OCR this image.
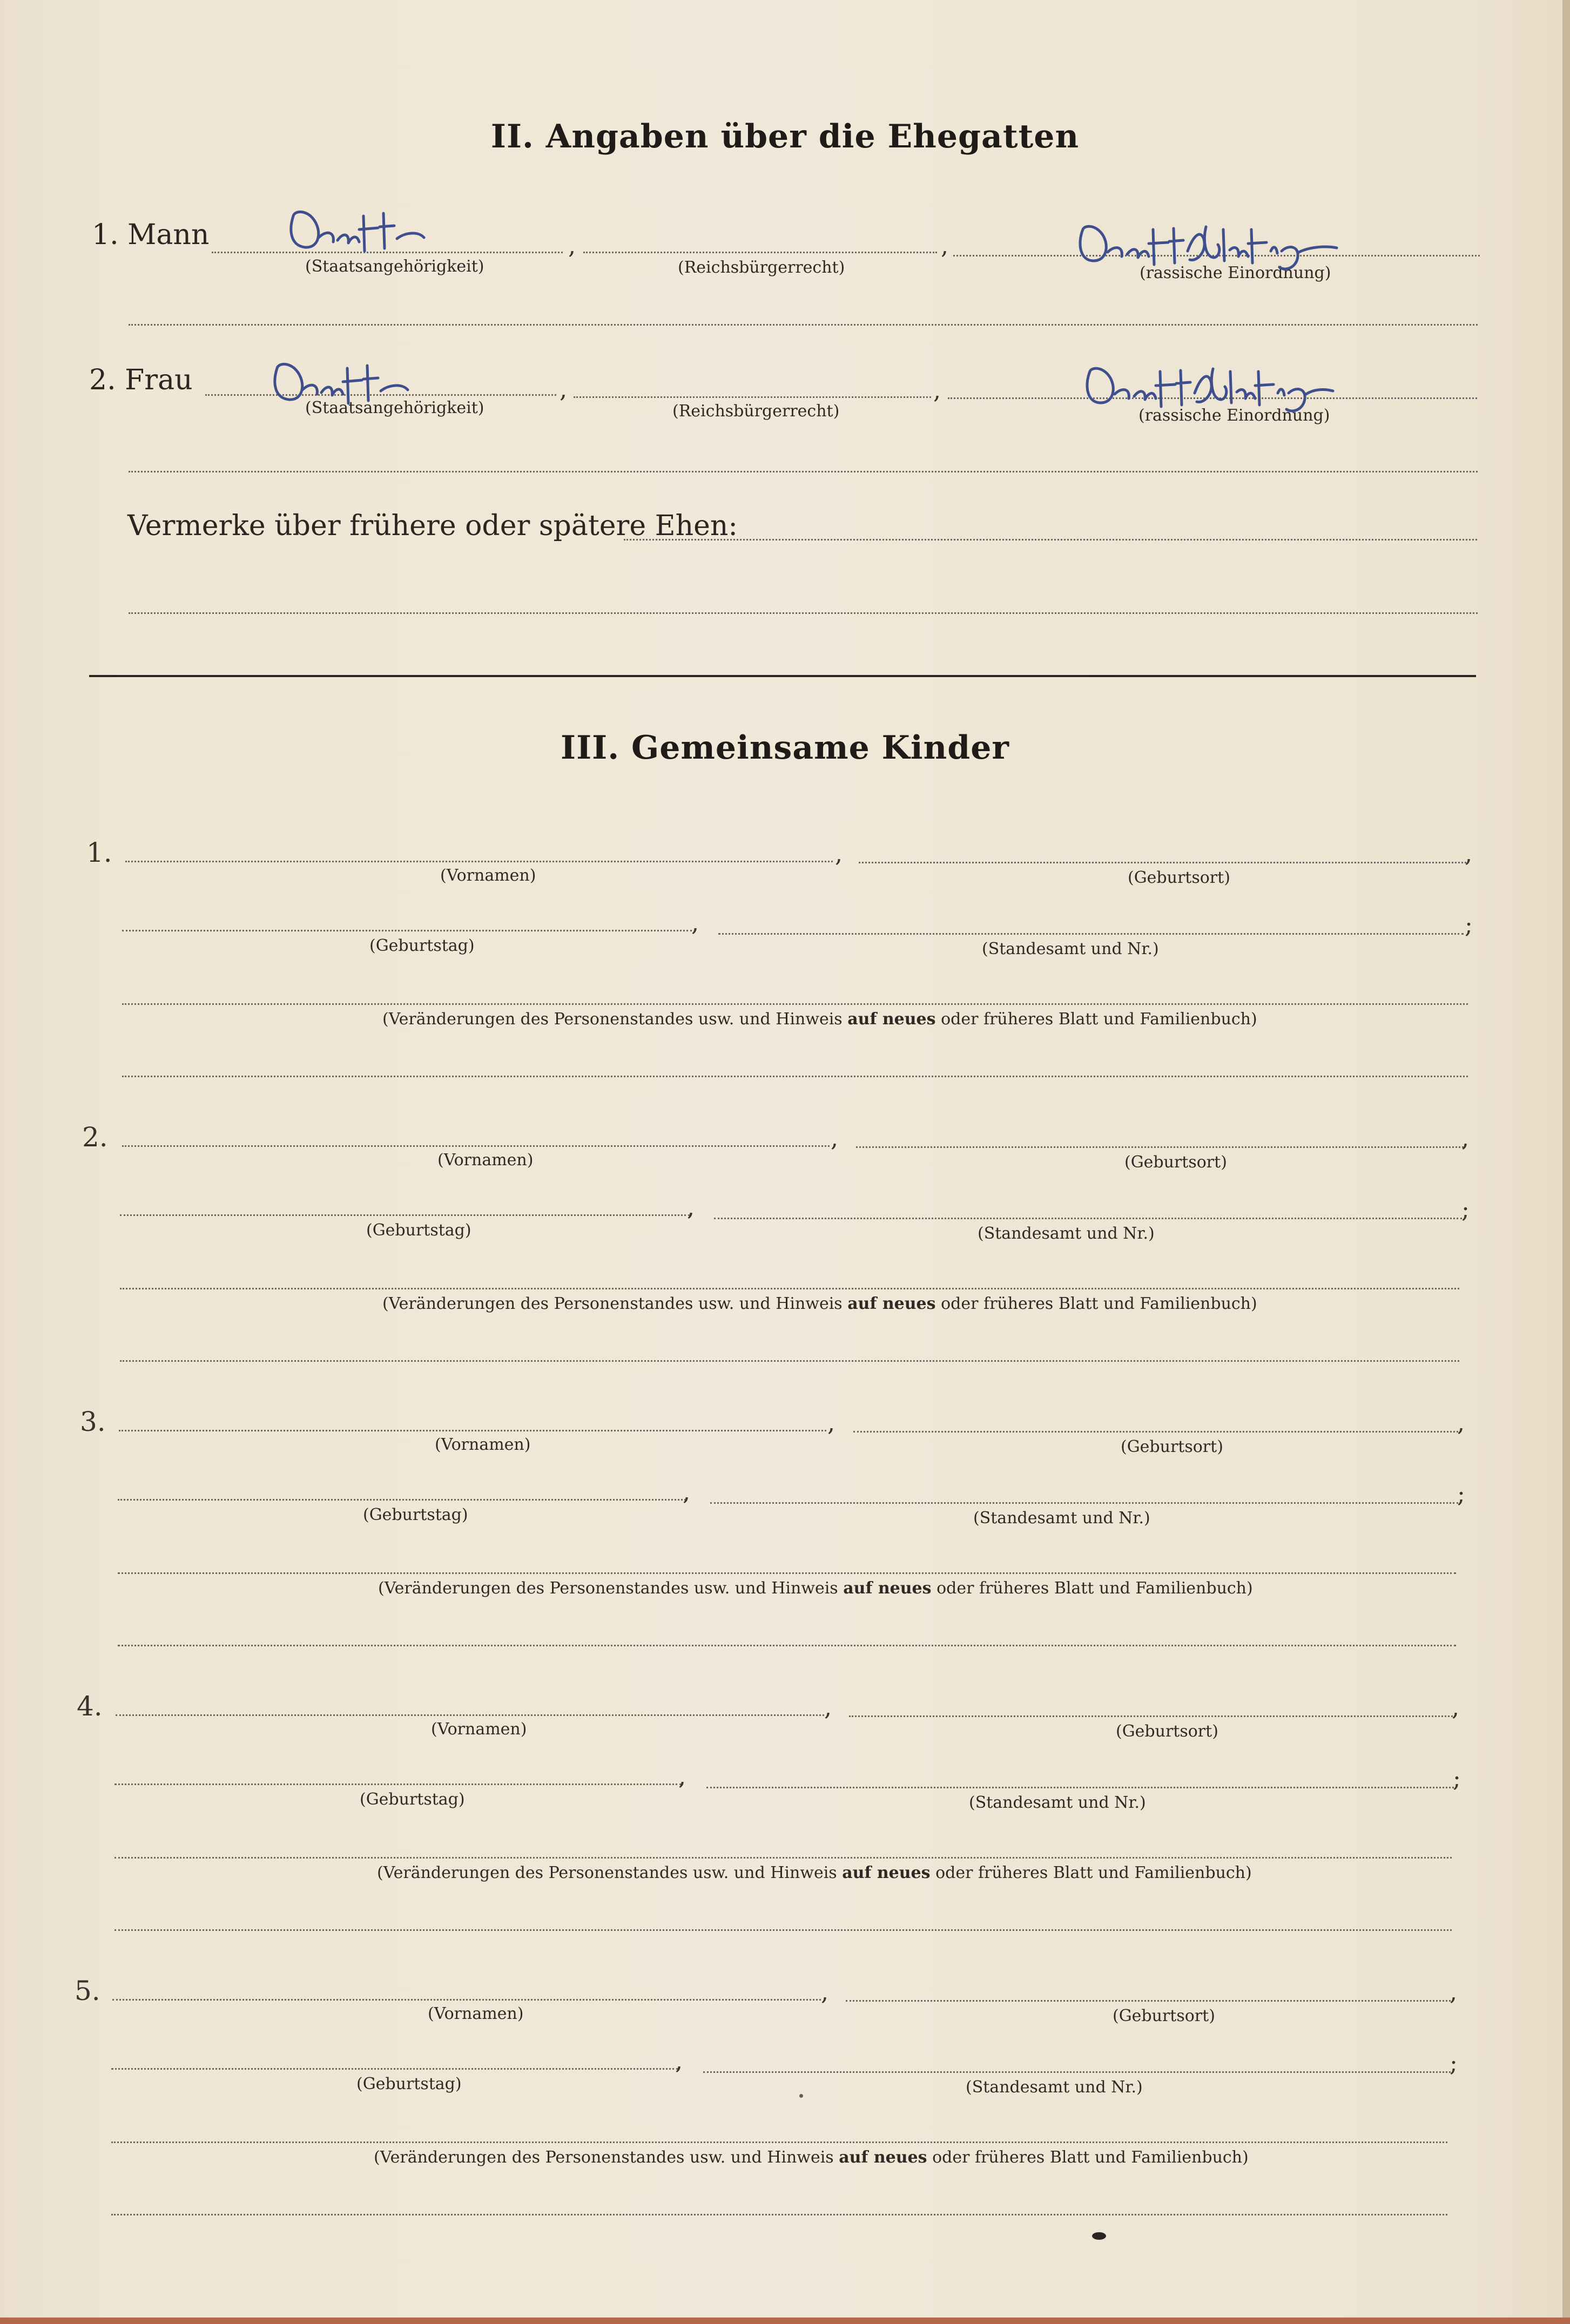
II. Angaben über die Ehegatten
1. Mann	,	,
(Staatsangehörigkeit)	(Reichsbürgerrecht)	(rassische Einordnung)
2. Frau	,	,
(Staatsangehörigkeit)	(Reichsbürgerrecht)	(rassische Einordnung)
Vermerke über frühere oder spätere Ehen:
III. Gemeinsame Kinder
1.	,	,
(Vornamen)	(Geburtsort)
,	;
(Geburtstag)	(Standesamt und Nr.)
(Veränderungen des Personenstandes usw. und Hinweis auf neues oder früheres Blatt und Familienbuch)
2.	,	,
(Vornamen)	(Geburtsort)
,	;
(Geburtstag)	(Standesamt und Nr.)
(Veränderungen des Personenstandes usw. und Hinweis auf neues oder früheres Blatt und Familienbuch)
3.	,	,
(Vornamen)	(Geburtsort)
,	;
(Geburtstag)	(Standesamt und Nr.)
(Veränderungen des Personenstandes usw. und Hinweis auf neues oder früheres Blatt und Familienbuch)
4.	,	,
(Vornamen)	(Geburtsort)
,	;
(Geburtstag)	(Standesamt und Nr.)
(Veränderungen des Personenstandes usw. und Hinweis auf neues oder früheres Blatt und Familienbuch)
5.	,	,
(Vornamen)	(Geburtsort)
,	;
(Geburtstag)	(Standesamt und Nr.)
(Veränderungen des Personenstandes usw. und Hinweis auf neues oder früheres Blatt und Familienbuch)
